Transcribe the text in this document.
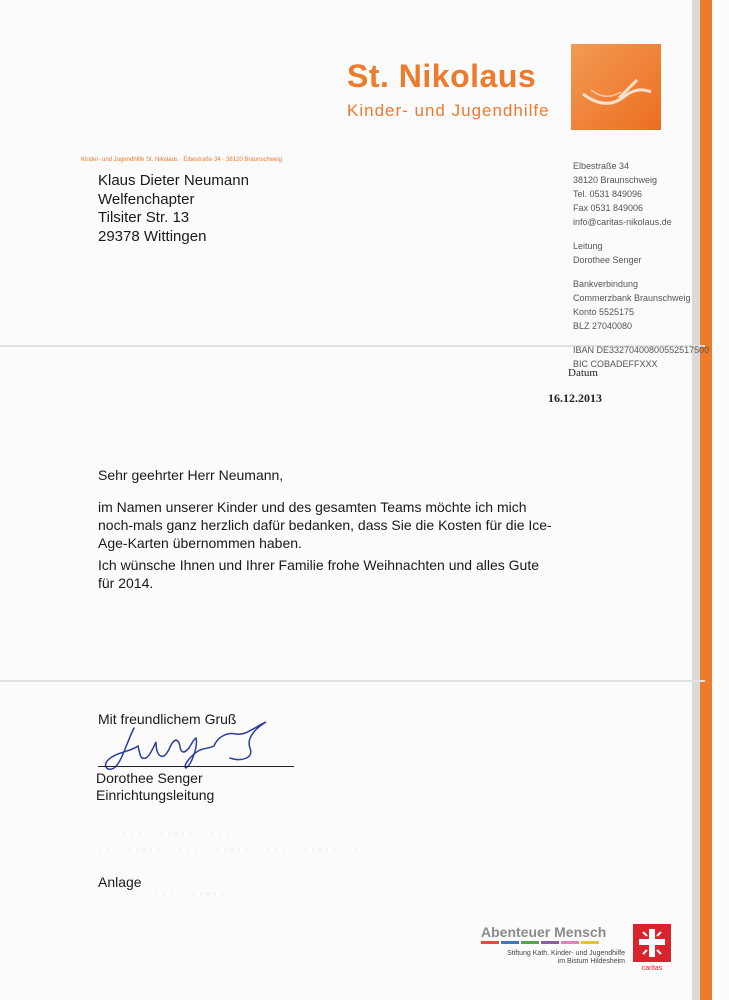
St. Nikolaus
Kinder- und Jugendhilfe
Kinder- und Jugendhilfe St. Nikolaus · Elbestraße 34 · 38120 Braunschweig
Klaus Dieter Neumann
Welfenchapter
Tilsiter Str. 13
29378 Wittingen
Elbestraße 34
38120 Braunschweig
Tel. 0531 849096
Fax 0531 849006
info@caritas-nikolaus.de
Leitung
Dorothee Senger
Bankverbindung
Commerzbank Braunschweig
Konto 5525175
BLZ 27040080
IBAN DE33270400800552517500
BIC COBADEFFXXX
Datum
16.12.2013

Sehr geehrter Herr Neumann,

im Namen unserer Kinder und des gesamten Teams möchte ich mich noch-mals ganz herzlich dafür bedanken, dass Sie die Kosten für die Ice-Age-Karten übernommen haben.

Ich wünsche Ihnen und Ihrer Familie frohe Weihnachten und alles Gute für 2014.

· · · · · · · · · · · · · · · · · ·
· · · · · · · · · · · · · · · · · · · · · · · · · · · · · · · · · · · ·
· · · · · · · · · · · · · · · ·

Mit freundlichem Gruß

Dorothee Senger
Einrichtungsleitung

Anlage

Abenteuer Mensch
Stiftung Kath. Kinder- und Jugendhilfe
im Bistum Hildesheim
caritas
